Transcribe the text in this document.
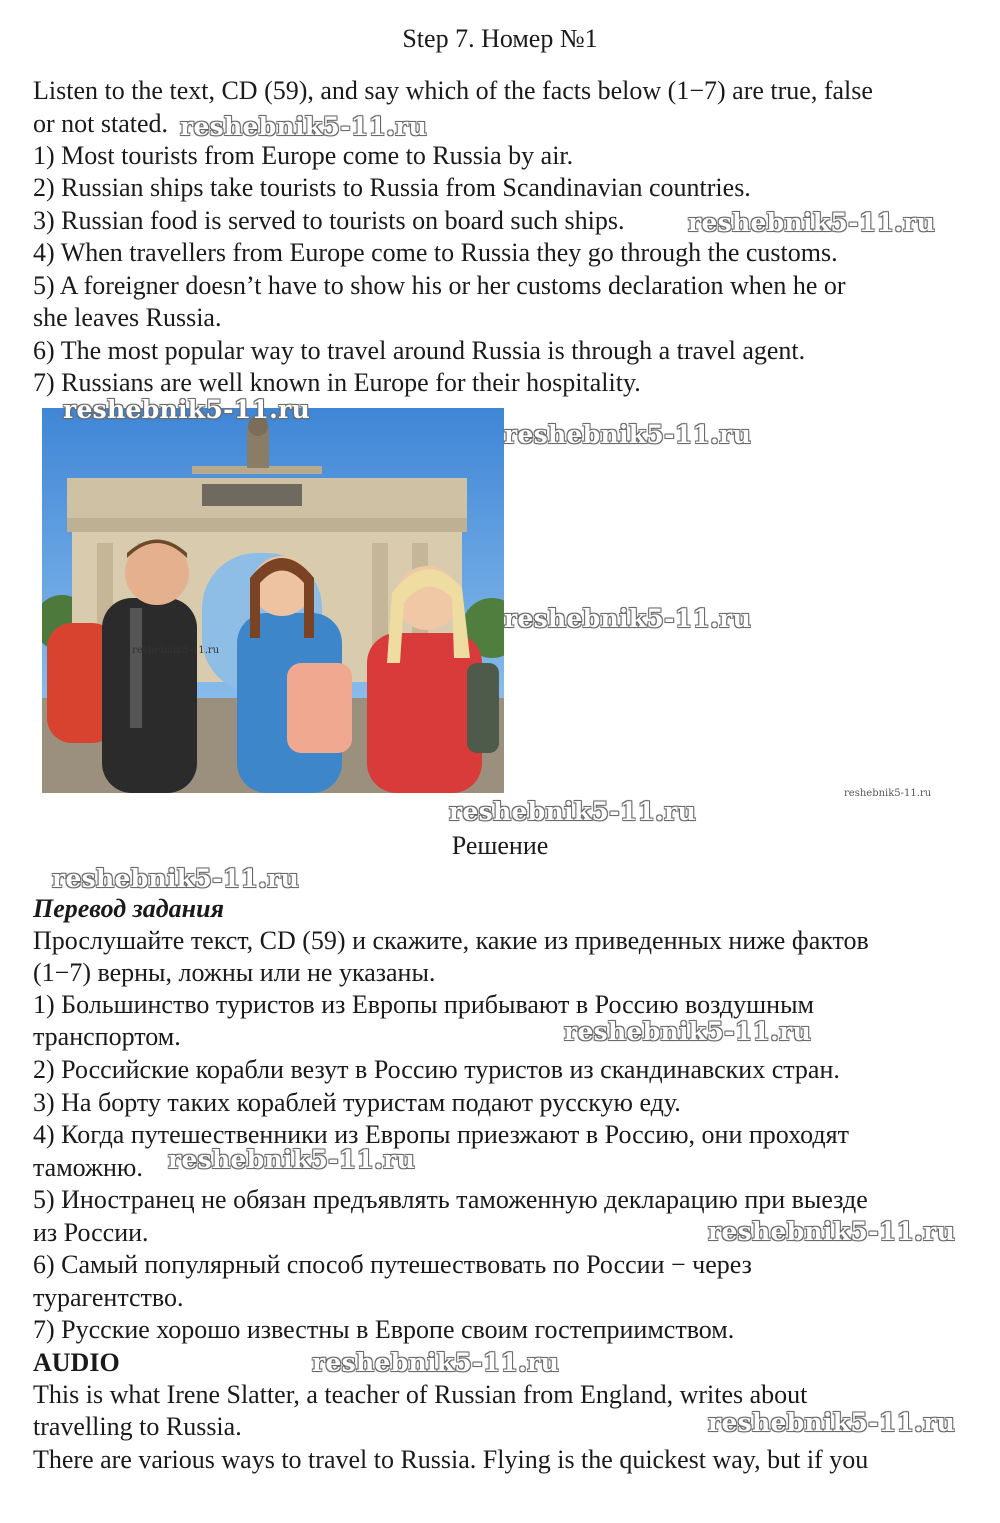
Step 7. Номер №1
Listen to the text, CD (59), and say which of the facts below (1−7) are true, false
or not stated.
1) Most tourists from Europe come to Russia by air.
2) Russian ships take tourists to Russia from Scandinavian countries.
3) Russian food is served to tourists on board such ships.
4) When travellers from Europe come to Russia they go through the customs.
5) A foreigner doesn’t have to show his or her customs declaration when he or
she leaves Russia.
6) The most popular way to travel around Russia is through a travel agent.
7) Russians are well known in Europe for their hospitality.
Решение
Перевод задания
Прослушайте текст, CD (59) и скажите, какие из приведенных ниже фактов
(1−7) верны, ложны или не указаны.
1) Большинство туристов из Европы прибывают в Россию воздушным
транспортом.
2) Российские корабли везут в Россию туристов из скандинавских стран.
3) На борту таких кораблей туристам подают русскую еду.
4) Когда путешественники из Европы приезжают в Россию, они проходят
таможню.
5) Иностранец не обязан предъявлять таможенную декларацию при выезде
из России.
6) Самый популярный способ путешествовать по России − через
турагентство.
7) Русские хорошо известны в Европе своим гостеприимством.
AUDIO
This is what Irene Slatter, a teacher of Russian from England, writes about
travelling to Russia.
There are various ways to travel to Russia. Flying is the quickest way, but if you
reshebnik5-11.ru
reshebnik5-11.ru
reshebnik5-11.ru
reshebnik5-11.ru
reshebnik5-11.ru
reshebnik5-11.ru
reshebnik5-11.ru
reshebnik5-11.ru
reshebnik5-11.ru
reshebnik5-11.ru
reshebnik5-11.ru
reshebnik5-11.ru
reshebnik5-11.ru
reshebnik5-11.ru
